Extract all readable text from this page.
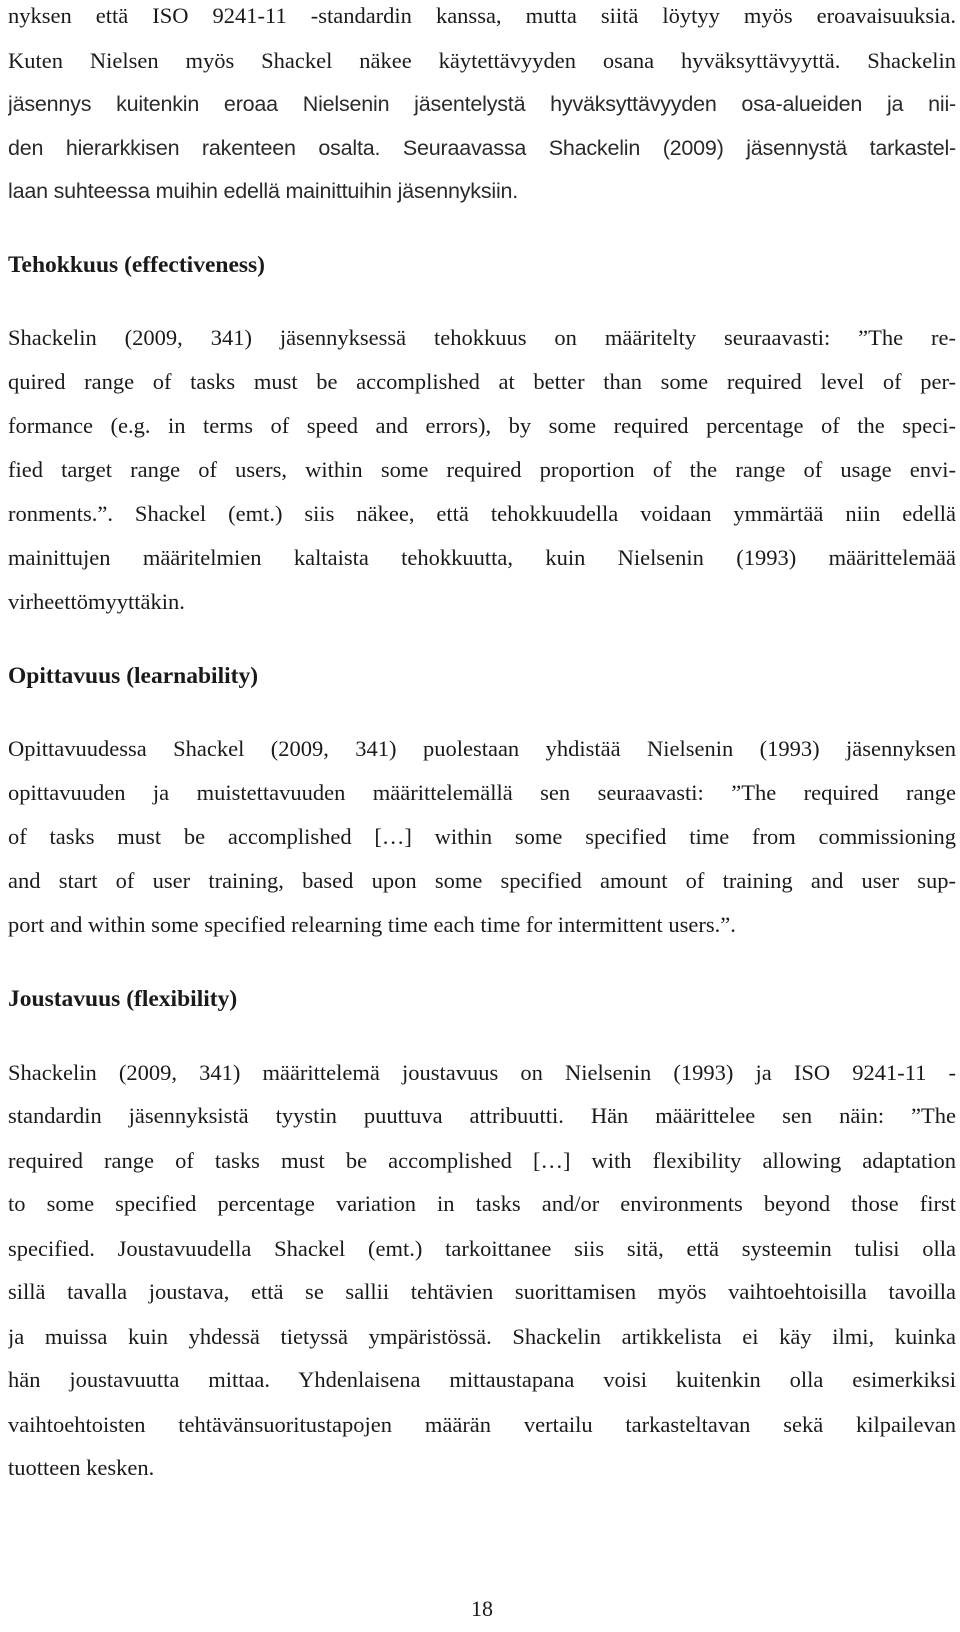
nyksen että ISO 9241-11 -standardin kanssa, mutta siitä löytyy myös eroavaisuuksia.
Kuten Nielsen myös Shackel näkee käytettävyyden osana hyväksyttävyyttä. Shackelin
jäsennys kuitenkin eroaa Nielsenin jäsentelystä hyväksyttävyyden osa-alueiden ja nii-
den hierarkkisen rakenteen osalta. Seuraavassa Shackelin (2009) jäsennystä tarkastel-
laan suhteessa muihin edellä mainittuihin jäsennyksiin.
Tehokkuus (effectiveness)
Shackelin (2009, 341) jäsennyksessä tehokkuus on määritelty seuraavasti: ”The re-
quired range of tasks must be accomplished at better than some required level of per-
formance (e.g. in terms of speed and errors), by some required percentage of the speci-
fied target range of users, within some required proportion of the range of usage envi-
ronments.”. Shackel (emt.) siis näkee, että tehokkuudella voidaan ymmärtää niin edellä
mainittujen määritelmien kaltaista tehokkuutta, kuin Nielsenin (1993) määrittelemää
virheettömyyttäkin.
Opittavuus (learnability)
Opittavuudessa Shackel (2009, 341) puolestaan yhdistää Nielsenin (1993) jäsennyksen
opittavuuden ja muistettavuuden määrittelemällä sen seuraavasti: ”The required range
of tasks must be accomplished […] within some specified time from commissioning
and start of user training, based upon some specified amount of training and user sup-
port and within some specified relearning time each time for intermittent users.”.
Joustavuus (flexibility)
Shackelin (2009, 341) määrittelemä joustavuus on Nielsenin (1993) ja ISO 9241-11 -
standardin jäsennyksistä tyystin puuttuva attribuutti. Hän määrittelee sen näin: ”The
required range of tasks must be accomplished […] with flexibility allowing adaptation
to some specified percentage variation in tasks and/or environments beyond those first
specified. Joustavuudella Shackel (emt.) tarkoittanee siis sitä, että systeemin tulisi olla
sillä tavalla joustava, että se sallii tehtävien suorittamisen myös vaihtoehtoisilla tavoilla
ja muissa kuin yhdessä tietyssä ympäristössä. Shackelin artikkelista ei käy ilmi, kuinka
hän joustavuutta mittaa. Yhdenlaisena mittaustapana voisi kuitenkin olla esimerkiksi
vaihtoehtoisten tehtävänsuoritustapojen määrän vertailu tarkasteltavan sekä kilpailevan
tuotteen kesken.
18
